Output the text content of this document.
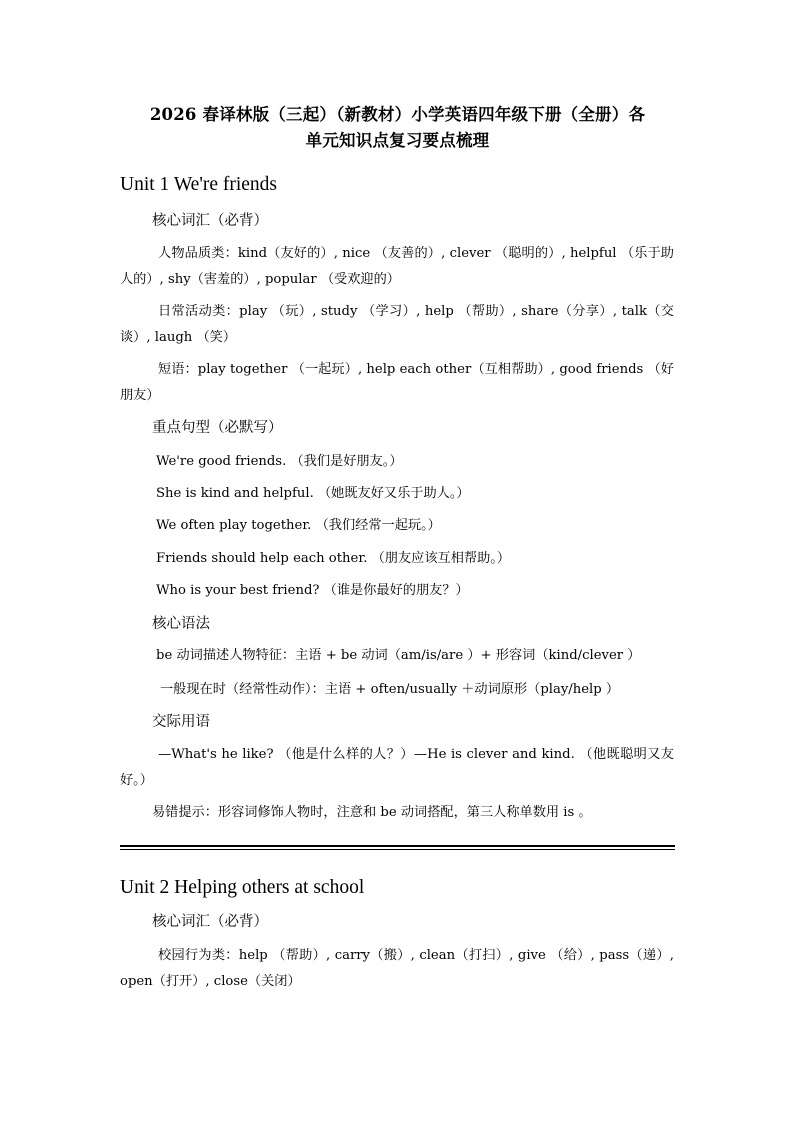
2026 春译林版（三起）（新教材）小学英语四年级下册（全册）各
单元知识点复习要点梳理
Unit 1 We're friends
核心词汇（必背）
人物品质类：kind（友好的）, nice （友善的）, clever （聪明的）, helpful （乐于助人的）, shy（害羞的）, popular （受欢迎的）
日常活动类：play （玩）, study （学习）, help （帮助）, share（分享）, talk（交谈）, laugh （笑）
短语：play together （一起玩）, help each other（互相帮助）, good friends （好朋友）
重点句型（必默写）
We're good friends. （我们是好朋友。）
She is kind and helpful. （她既友好又乐于助人。）
We often play together. （我们经常一起玩。）
Friends should help each other. （朋友应该互相帮助。）
Who is your best friend? （谁是你最好的朋友？）
核心语法
be 动词描述人物特征：主语 + be 动词（am/is/are ）+ 形容词（kind/clever ）
一般现在时（经常性动作）：主语 + often/usually ＋动词原形（play/help ）
交际用语
—What's he like? （他是什么样的人？）—He is clever and kind. （他既聪明又友好。）
易错提示：形容词修饰人物时，注意和 be 动词搭配，第三人称单数用 is 。
Unit 2 Helping others at school
核心词汇（必背）
校园行为类：help （帮助）, carry（搬）, clean（打扫）, give （给）, pass（递）, open（打开）, close（关闭）
